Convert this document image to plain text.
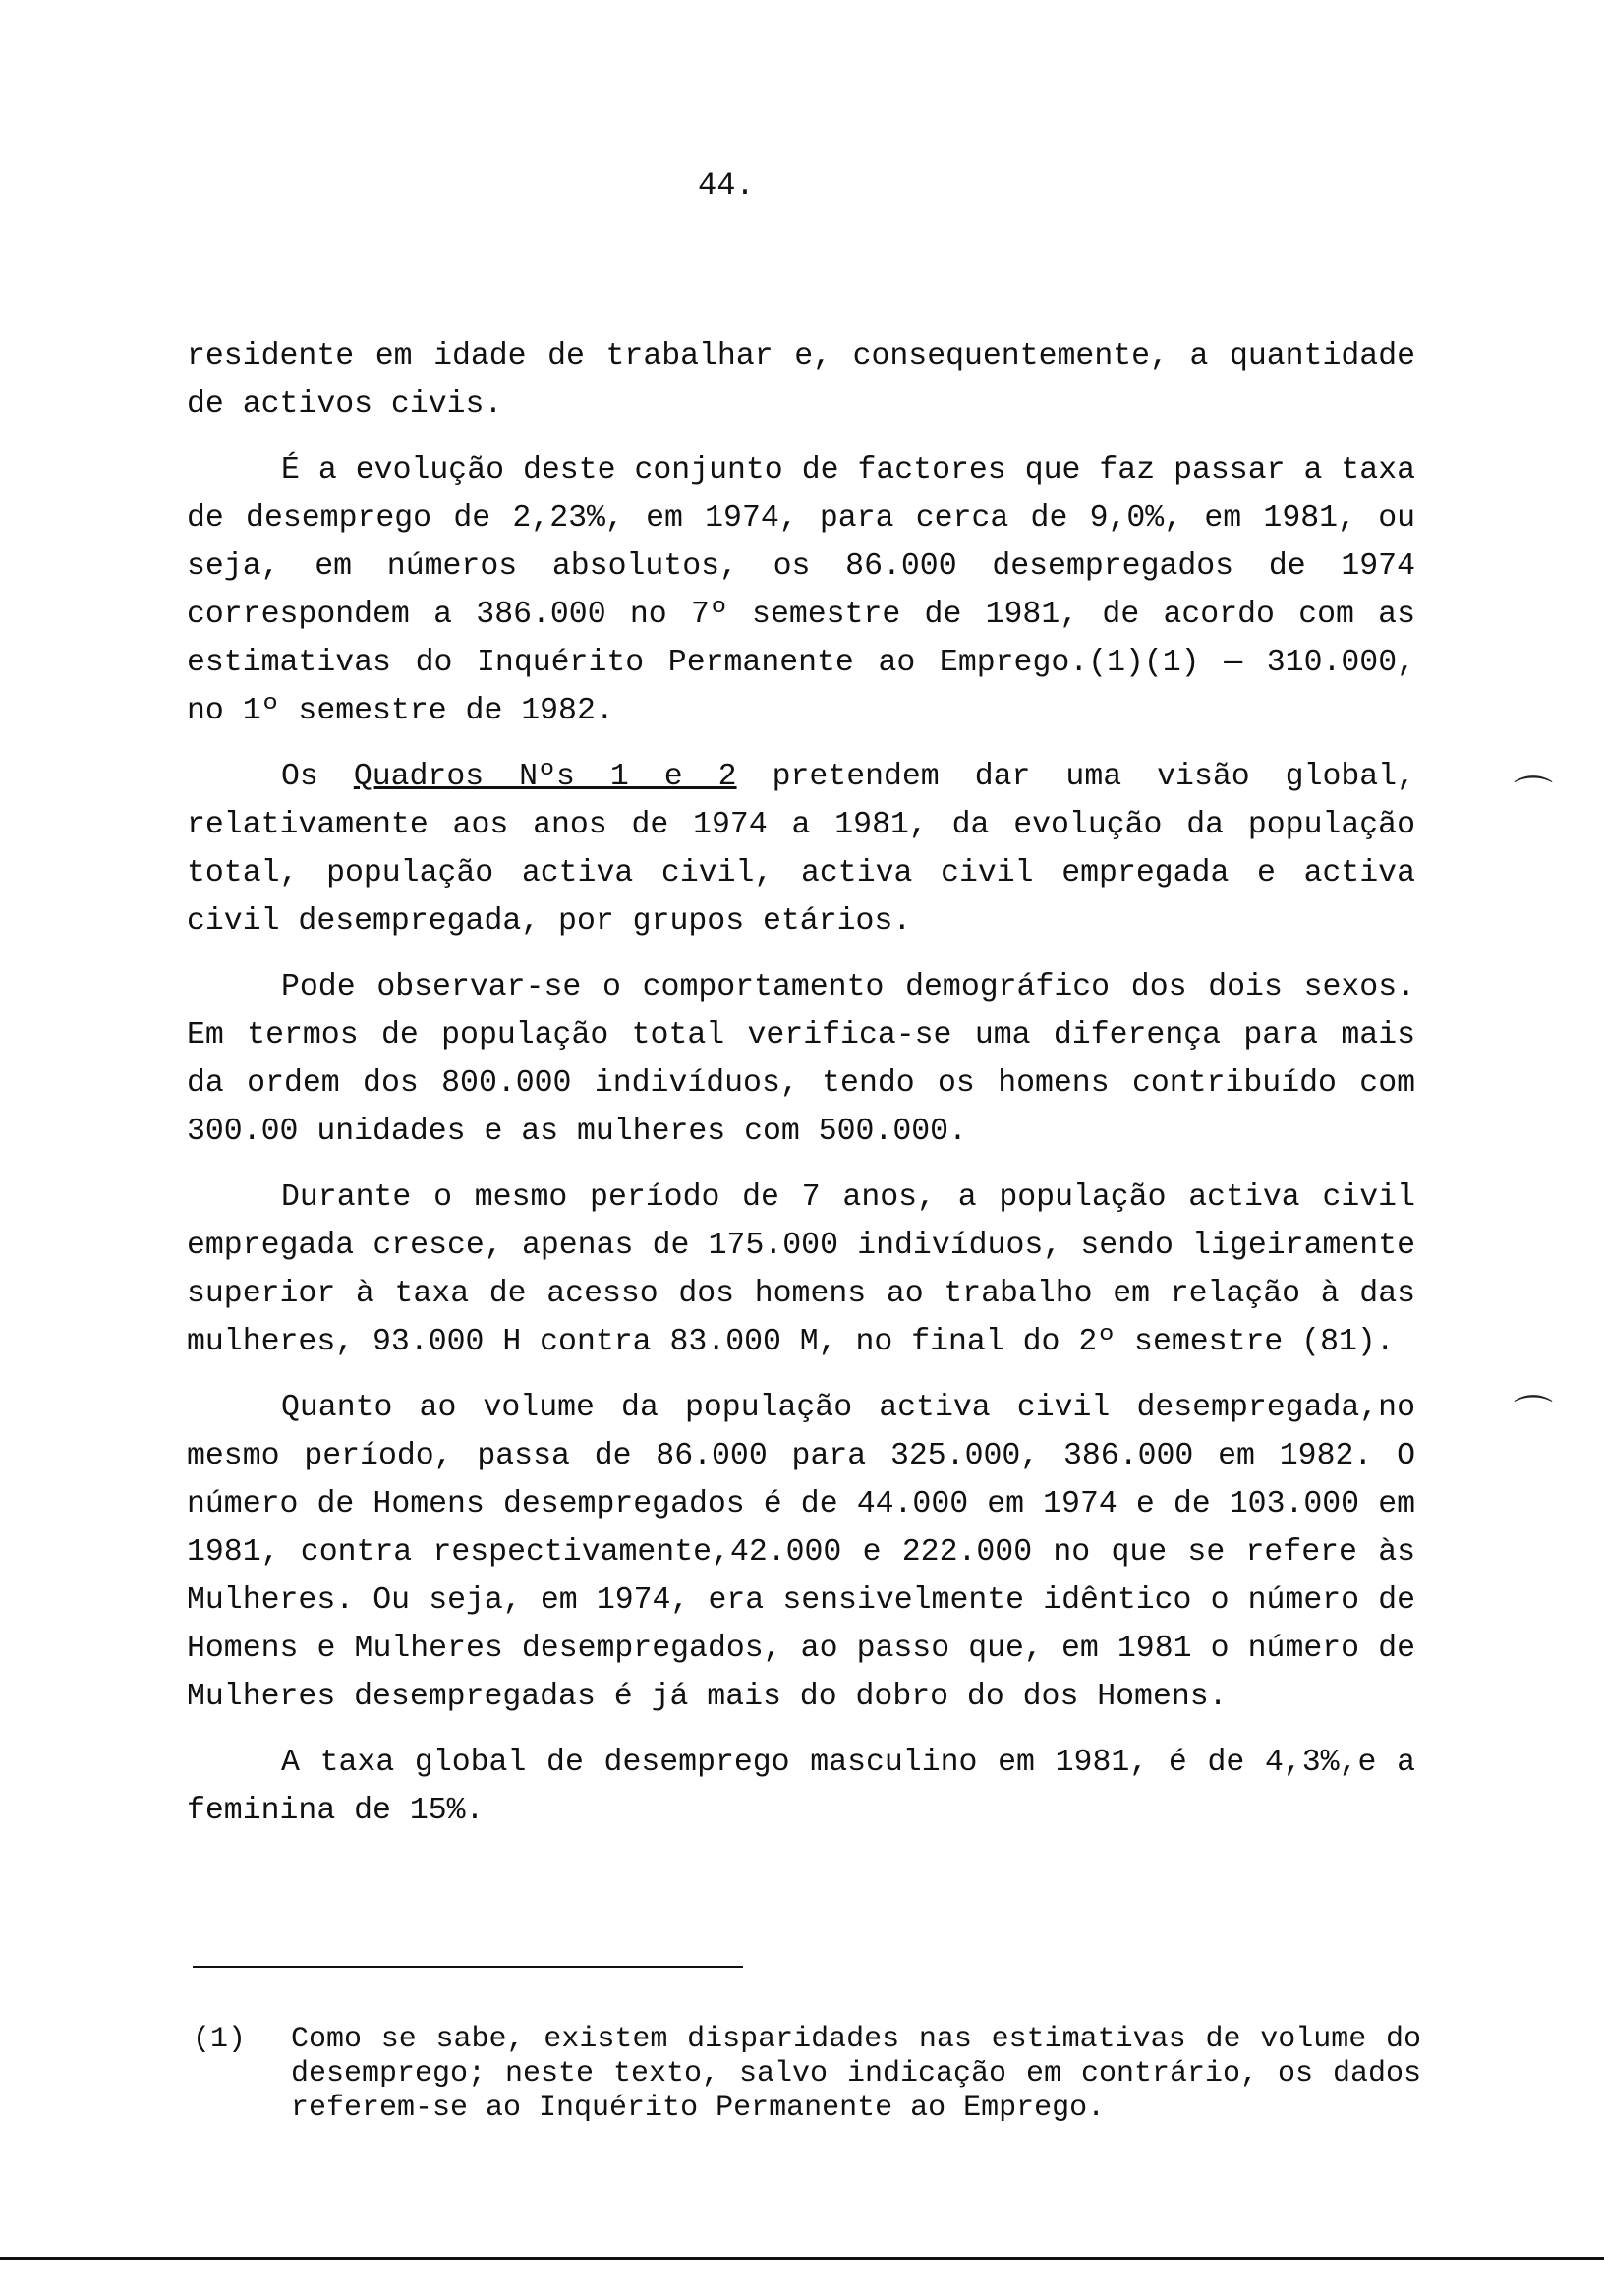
44.

residente em idade de trabalhar e, consequentemente, a quantidade de activos civis.

É a evolução deste conjunto de factores que faz passar a taxa de desemprego de 2,23%, em 1974, para cerca de 9,0%, em 1981, ou seja, em números absolutos, os 86.000 desempregados de 1974 correspondem a 386.000 no 7º semestre de 1981, de acordo com as estimativas do Inquérito Permanente ao Emprego.(1)(1) — 310.000, no 1º semestre de 1982.

Os Quadros Nºs 1 e 2 pretendem dar uma visão global, relativamente aos anos de 1974 a 1981, da evolução da população total, população activa civil, activa civil empregada e activa civil desempregada, por grupos etários.

Pode observar-se o comportamento demográfico dos dois sexos. Em termos de população total verifica-se uma diferença para mais da ordem dos 800.000 indivíduos, tendo os homens contribuído com 300.00 unidades e as mulheres com 500.000.

Durante o mesmo período de 7 anos, a população activa civil empregada cresce, apenas de 175.000 indivíduos, sendo ligeiramente superior à taxa de acesso dos homens ao trabalho em relação à das mulheres, 93.000 H contra 83.000 M, no final do 2º semestre (81).

Quanto ao volume da população activa civil desempregada,no mesmo período, passa de 86.000 para 325.000, 386.000 em 1982. O número de Homens desempregados é de 44.000 em 1974 e de 103.000 em 1981, contra respectivamente,42.000 e 222.000 no que se refere às Mulheres. Ou seja, em 1974, era sensivelmente idêntico o número de Homens e Mulheres desempregados, ao passo que, em 1981 o número de Mulheres desempregadas é já mais do dobro do dos Homens.

A taxa global de desemprego masculino em 1981, é de 4,3%,e a feminina de 15%.

⌒
⌒
(1)	Como se sabe, existem disparidades nas estimativas de volume do desemprego; neste texto, salvo indicação em contrário, os dados referem-se ao Inquérito Permanente ao Emprego.
